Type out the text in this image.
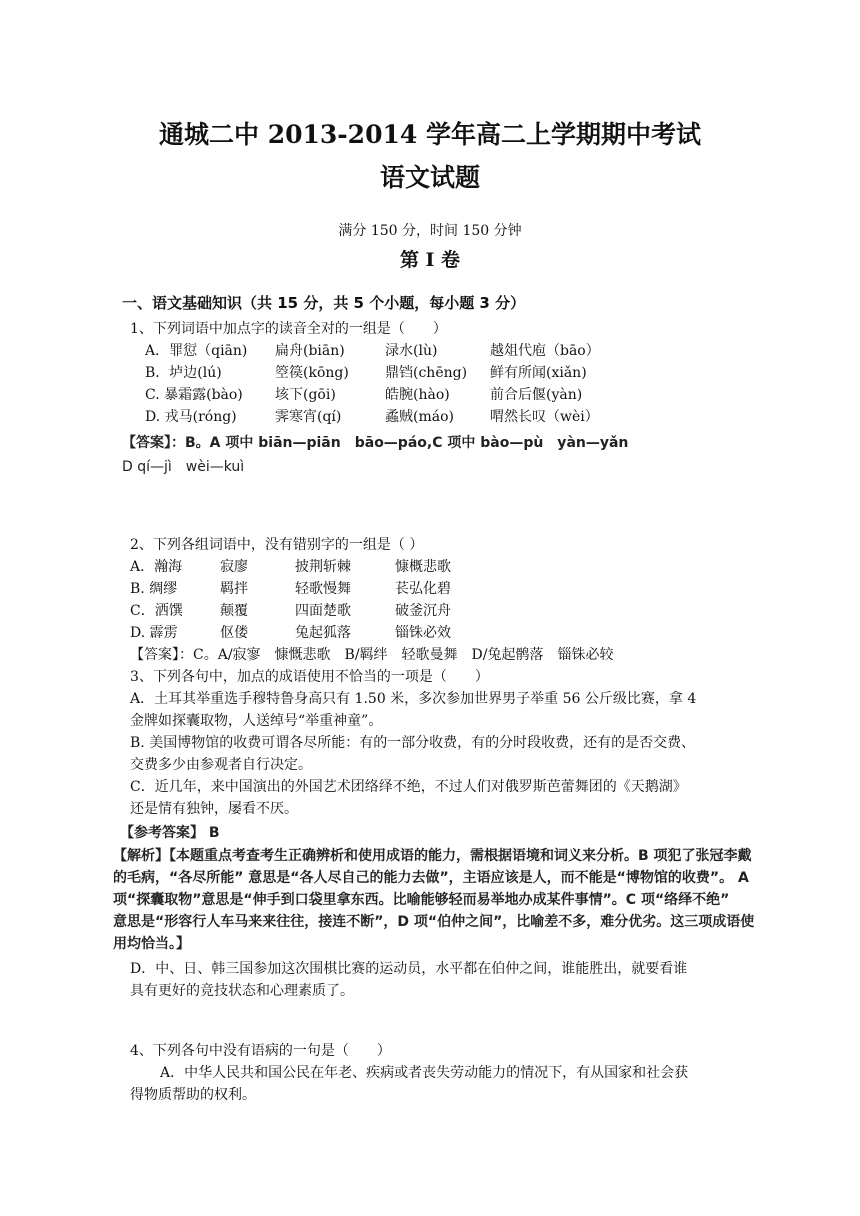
通城二中 2013-2014 学年高二上学期期中考试
语文试题
满分 150 分，时间 150 分钟
第 I 卷
一、语文基础知识（共 15 分，共 5 个小题，每小题 3 分）
1、下列词语中加点字的读音全对的一组是（　　）
A．罪愆（qiān) 扁舟(biān)	渌水(lù)	越俎代庖（bāo）
B．垆边(lú)	箜篌(kōng)	鼎铛(chēng) 鲜有所闻(xiǎn)
C. 暴霜露(bào) 垓下(gōi)	皓腕(hào)	前合后偃(yàn)
D. 戎马(róng)	霁寒宵(qí)	蟊贼(máo)	喟然长叹（wèi）
【答案】：B。A 项中 biān—piān　bāo—páo,C 项中 bào—pù　yàn—yǎn
D qí—jì　wèi—kuì
2、下列各组词语中，没有错别字的一组是（ ）
A．瀚海	寂廖	披荆斩棘	慷概悲歌
B. 绸缪	羁拌	轻歌慢舞	苌弘化碧
C．洒馔	颠覆	四面楚歌	破釜沉舟
D. 霹雳	伛偻	兔起狐落	锱铢必效
【答案】：C。A/寂寥　慷慨悲歌　B/羁绊　轻歌曼舞　D/兔起鹘落　锱铢必较
3、下列各句中，加点的成语使用不恰当的一项是（　　）
A．土耳其举重选手穆特鲁身高只有 1.50 米，多次参加世界男子举重 56 公斤级比赛，拿 4
金牌如探囊取物，人送绰号“举重神童”。
B. 美国博物馆的收费可谓各尽所能：有的一部分收费，有的分时段收费，还有的是否交费、
交费多少由参观者自行决定。
C．近几年，来中国演出的外国艺术团络绎不绝，不过人们对俄罗斯芭蕾舞团的《天鹅湖》
还是情有独钟，屡看不厌。
【参考答案】 B
【解析】【本题重点考查考生正确辨析和使用成语的能力，需根据语境和词义来分析。B 项犯了张冠李戴
的毛病，“各尽所能” 意思是“各人尽自己的能力去做”，主语应该是人，而不能是“博物馆的收费”。 A
项“探囊取物”意思是“伸手到口袋里拿东西。比喻能够轻而易举地办成某件事情”。C 项“络绎不绝”
意思是“形容行人车马来来往往，接连不断”，D 项“伯仲之间”，比喻差不多，难分优劣。这三项成语使
用均恰当。】
D．中、日、韩三国参加这次围棋比赛的运动员，水平都在伯仲之间，谁能胜出，就要看谁
具有更好的竞技状态和心理素质了。
4、下列各句中没有语病的一句是（　　）
A．中华人民共和国公民在年老、疾病或者丧失劳动能力的情况下，有从国家和社会获
得物质帮助的权利。
